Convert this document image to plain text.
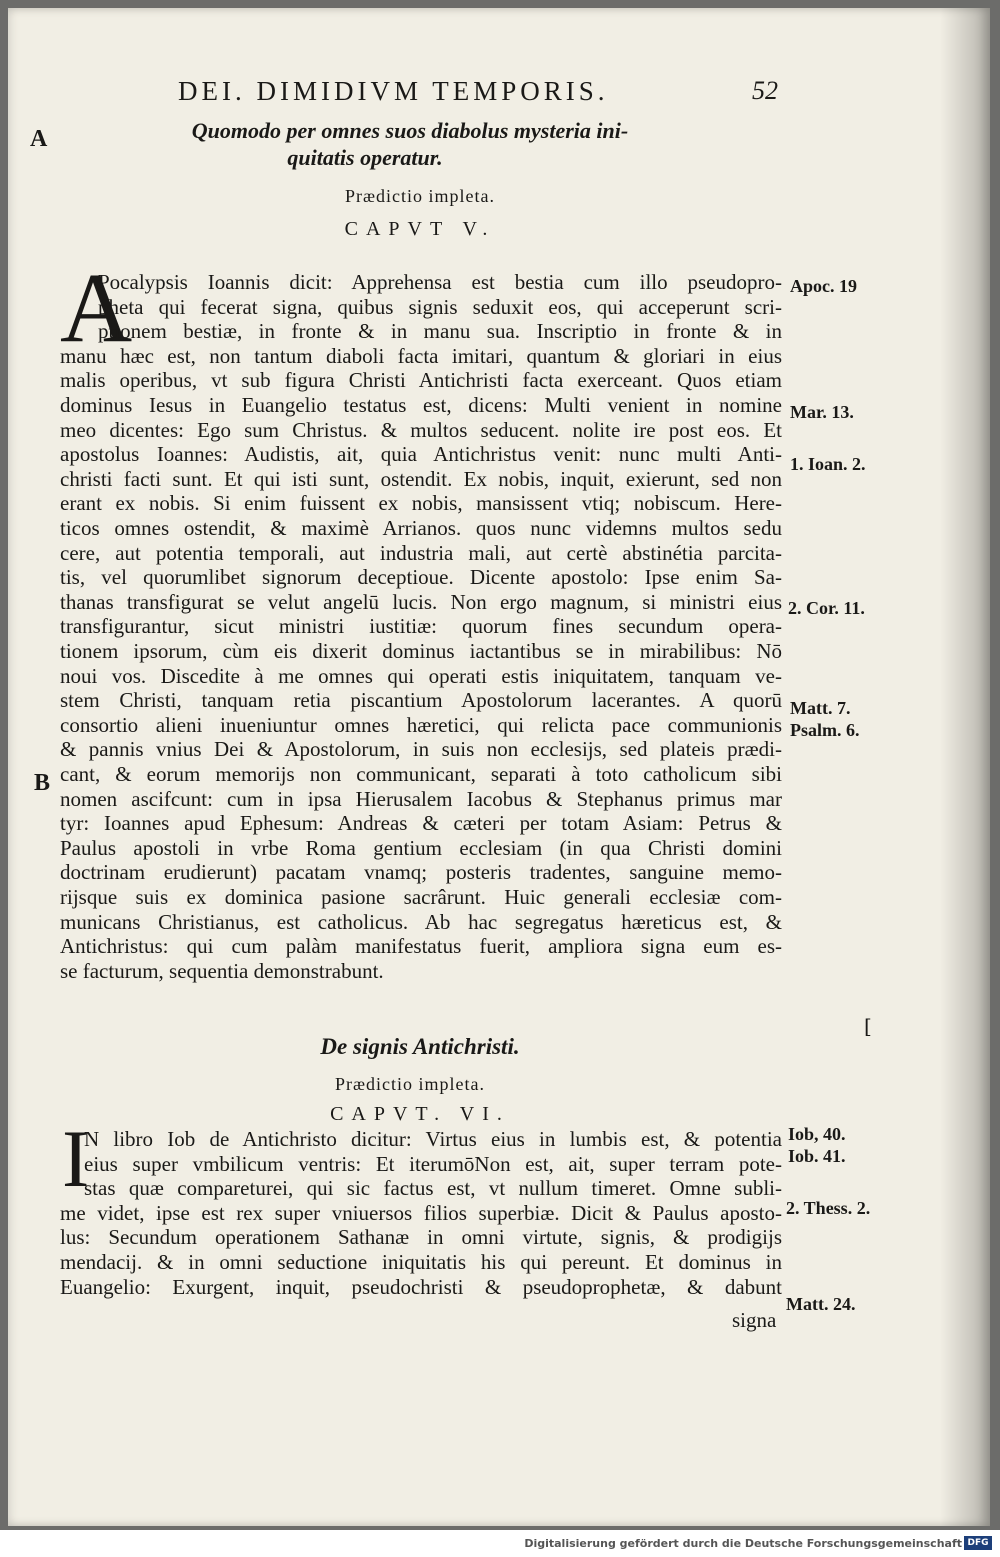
DEI. DIMIDIVM TEMPORIS.	52
A
B
[
Quomodo per omnes suos diabolus mysteria ini-
quitatis operatur.
Prædictio impleta.
CAPVT V.
A
Pocalypsis Ioannis dicit: Apprehensa est bestia cum illo pseudopro-
pheta qui fecerat signa, quibus signis seduxit eos, qui acceperunt scri-
ptionem bestiæ, in fronte & in manu sua. Inscriptio in fronte & in
manu hæc est, non tantum diaboli facta imitari, quantum & gloriari in eius
malis operibus, vt sub figura Christi Antichristi facta exerceant. Quos etiam
dominus Iesus in Euangelio testatus est, dicens: Multi venient in nomine
meo dicentes: Ego sum Christus. & multos seducent. nolite ire post eos. Et
apostolus Ioannes: Audistis, ait, quia Antichristus venit: nunc multi Anti-
christi facti sunt. Et qui isti sunt, ostendit. Ex nobis, inquit, exierunt, sed non
erant ex nobis. Si enim fuissent ex nobis, mansissent vtiq; nobiscum. Here-
ticos omnes ostendit, & maximè Arrianos. quos nunc videmns multos sedu
cere, aut potentia temporali, aut industria mali, aut certè abstinétia parcita-
tis, vel quorumlibet signorum deceptioue. Dicente apostolo: Ipse enim Sa-
thanas transfigurat se velut angelū lucis. Non ergo magnum, si ministri eius
transfigurantur, sicut ministri iustitiæ: quorum fines secundum opera-
tionem ipsorum, cùm eis dixerit dominus iactantibus se in mirabilibus: Nō
noui vos. Discedite à me omnes qui operati estis iniquitatem, tanquam ve-
stem Christi, tanquam retia piscantium Apostolorum lacerantes. A quorū
consortio alieni inueniuntur omnes hæretici, qui relicta pace communionis
& pannis vnius Dei & Apostolorum, in suis non ecclesijs, sed plateis prædi-
cant, & eorum memorijs non communicant, separati à toto catholicum sibi
nomen ascifcunt: cum in ipsa Hierusalem Iacobus & Stephanus primus mar
tyr: Ioannes apud Ephesum: Andreas & cæteri per totam Asiam: Petrus &
Paulus apostoli in vrbe Roma gentium ecclesiam (in qua Christi domini
doctrinam erudierunt) pacatam vnamq; posteris tradentes, sanguine memo-
rijsque suis ex dominica pasione sacrârunt. Huic generali ecclesiæ com-
municans Christianus, est catholicus. Ab hac segregatus hæreticus est, &
Antichristus: qui cum palàm manifestatus fuerit, ampliora signa eum es-
se facturum, sequentia demonstrabunt.
Apoc. 19
Mar. 13.
1. Ioan. 2.
2. Cor. 11.
Matt. 7.
Psalm. 6.
De signis Antichristi.
Prædictio impleta.
CAPVT. VI.
I
N libro Iob de Antichristo dicitur: Virtus eius in lumbis est, & potentia
eius super vmbilicum ventris: Et iterumōNon est, ait, super terram pote-
stas quæ compareturei, qui sic factus est, vt nullum timeret. Omne subli-
me videt, ipse est rex super vniuersos filios superbiæ. Dicit & Paulus aposto-
lus: Secundum operationem Sathanæ in omni virtute, signis, & prodigijs
mendacij. & in omni seductione iniquitatis his qui pereunt. Et dominus in
Euangelio: Exurgent, inquit, pseudochristi & pseudoprophetæ, & dabunt
signa
Iob, 40.
Iob. 41.
2. Thess. 2.
Matt. 24.
Digitalisierung gefördert durch die Deutsche Forschungsgemeinschaft DFG
